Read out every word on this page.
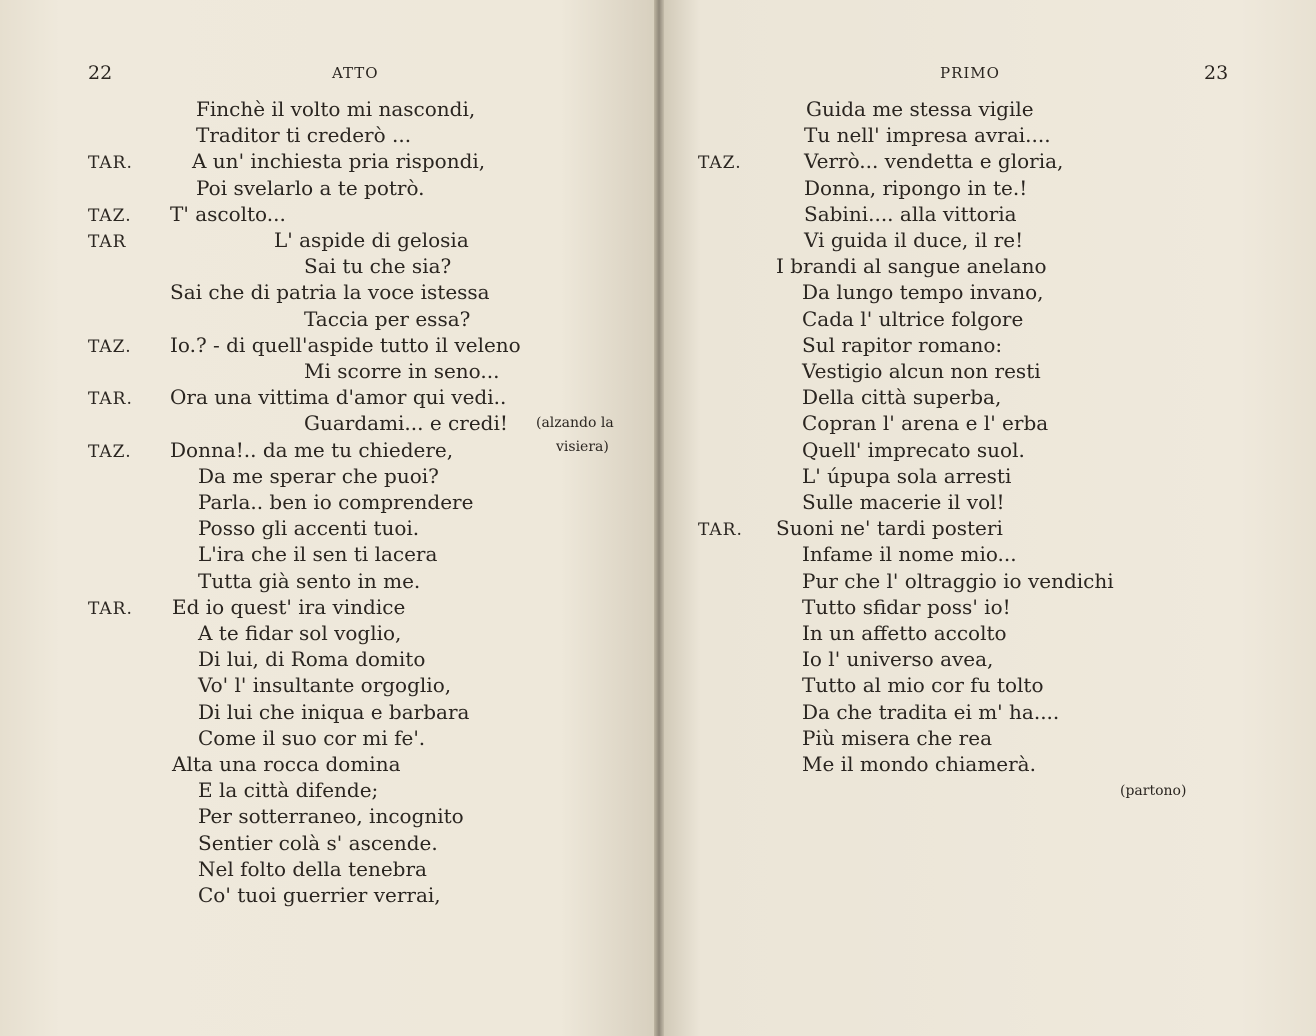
22	ATTO
Finchè il volto mi nascondi,
Traditor ti crederò ...
TAR.	A un' inchiesta pria rispondi,
Poi svelarlo a te potrò.
TAZ. T' ascolto...
TAR	L' aspide di gelosia
Sai tu che sia?
Sai che di patria la voce istessa
Taccia per essa?
TAZ. Io.? - di quell'aspide tutto il veleno
Mi scorre in seno...
TAR. Ora una vittima d'amor qui vedi..
Guardami... e credi!
TAZ. Donna!.. da me tu chiedere,
Da me sperar che puoi?
Parla.. ben io comprendere
Posso gli accenti tuoi.
L'ira che il sen ti lacera
Tutta già sento in me.
TAR. Ed io quest' ira vindice
A te fidar sol voglio,
Di lui, di Roma domito
Vo' l' insultante orgoglio,
Di lui che iniqua e barbara
Come il suo cor mi fe'.
Alta una rocca domina
E la città difende;
Per sotterraneo, incognito
Sentier colà s' ascende.
Nel folto della tenebra
Co' tuoi guerrier verrai,
(alzando la
visiera)
PRIMO	23
Guida me stessa vigile
Tu nell' impresa avrai....
TAZ.	Verrò... vendetta e gloria,
Donna, ripongo in te.!
Sabini.... alla vittoria
Vi guida il duce, il re!
I brandi al sangue anelano
Da lungo tempo invano,
Cada l' ultrice folgore
Sul rapitor romano:
Vestigio alcun non resti
Della città superba,
Copran l' arena e l' erba
Quell' imprecato suol.
L' úpupa sola arresti
Sulle macerie il vol!
TAR. Suoni ne' tardi posteri
Infame il nome mio...
Pur che l' oltraggio io vendichi
Tutto sfidar poss' io!
In un affetto accolto
Io l' universo avea,
Tutto al mio cor fu tolto
Da che tradita ei m' ha....
Più misera che rea
Me il mondo chiamerà.
(partono)
